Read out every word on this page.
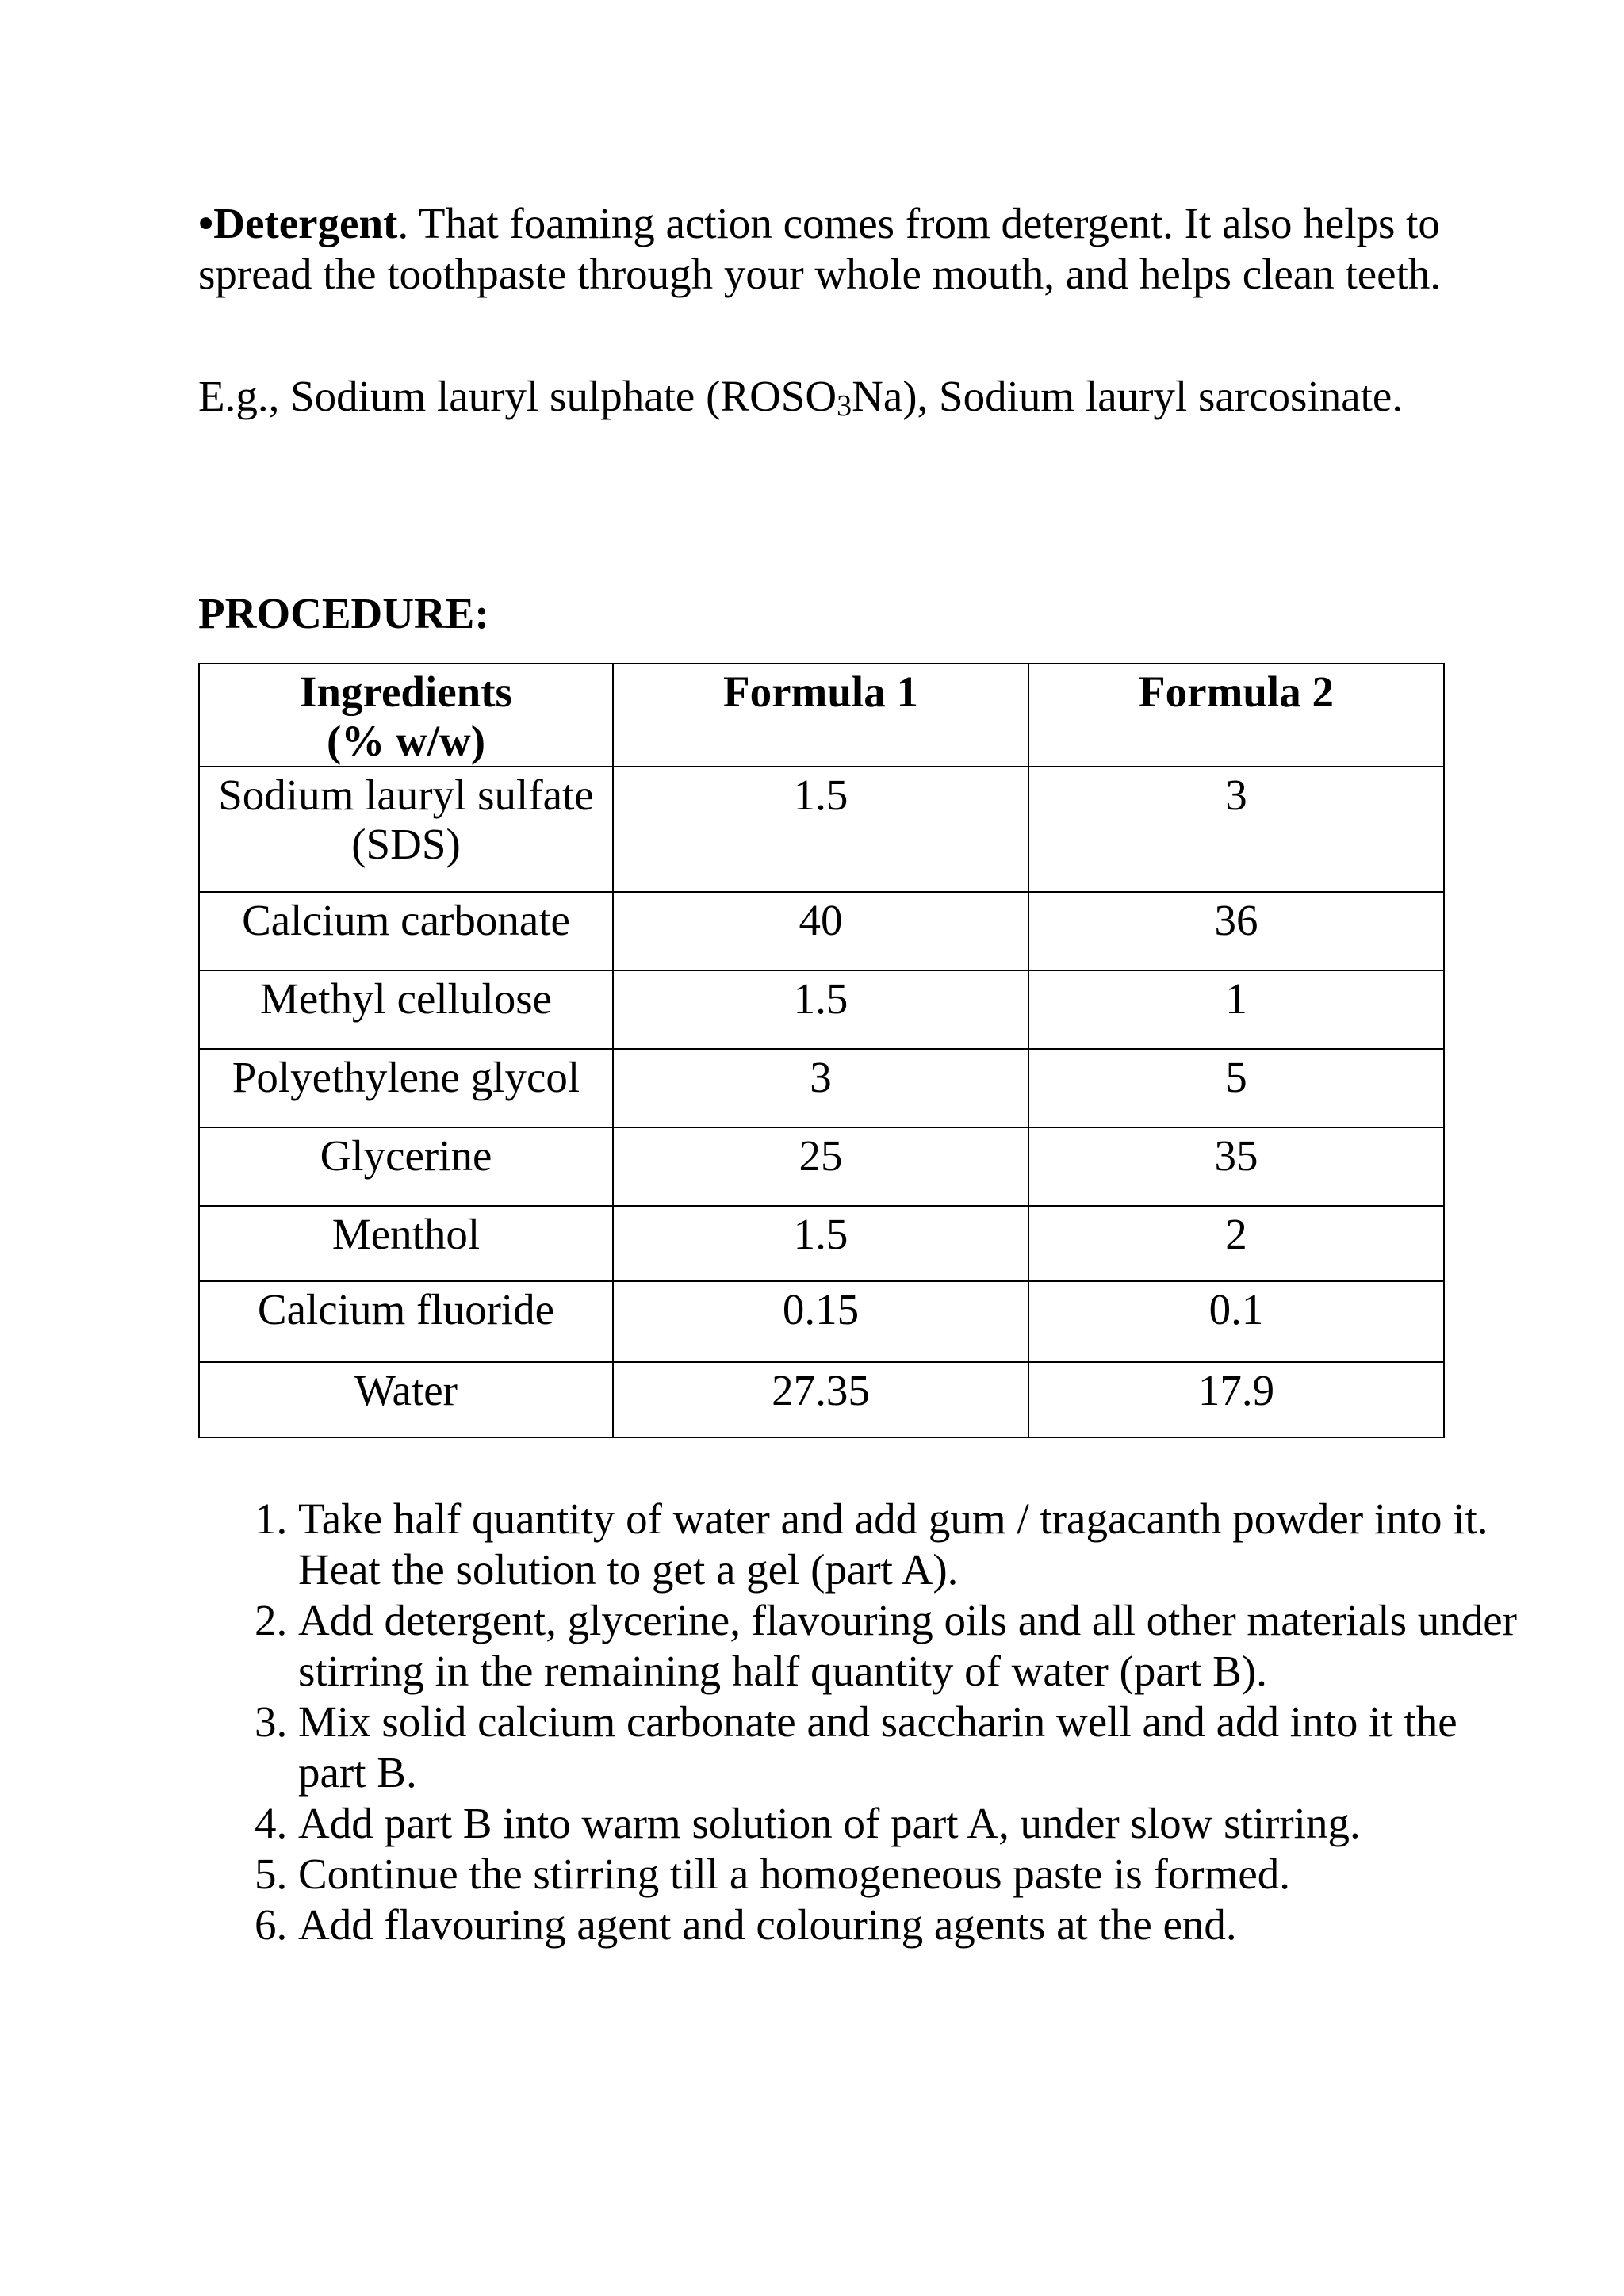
•Detergent. That foaming action comes from detergent. It also helps to spread the toothpaste through your whole mouth, and helps clean teeth.

E.g., Sodium lauryl sulphate $(ROSO_3Na)$, Sodium lauryl sarcosinate.

PROCEDURE:
Ingredients
(% w/w)	Formula 1	Formula 2

Sodium lauryl sulfate
(SDS)	1.5	3
Calcium carbonate	40	36
Methyl cellulose	1.5	1
Polyethylene glycol	3	5
Glycerine	25	35
Menthol	1.5	2
Calcium fluoride	0.15	0.1
Water	27.35	17.9
1. Take half quantity of water and add gum / tragacanth powder into it. Heat the solution to get a gel (part A).
2. Add detergent, glycerine, flavouring oils and all other materials under stirring in the remaining half quantity of water (part B).
3. Mix solid calcium carbonate and saccharin well and add into it the part B.
4. Add part B into warm solution of part A, under slow stirring.
5. Continue the stirring till a homogeneous paste is formed.
6. Add flavouring agent and colouring agents at the end.
